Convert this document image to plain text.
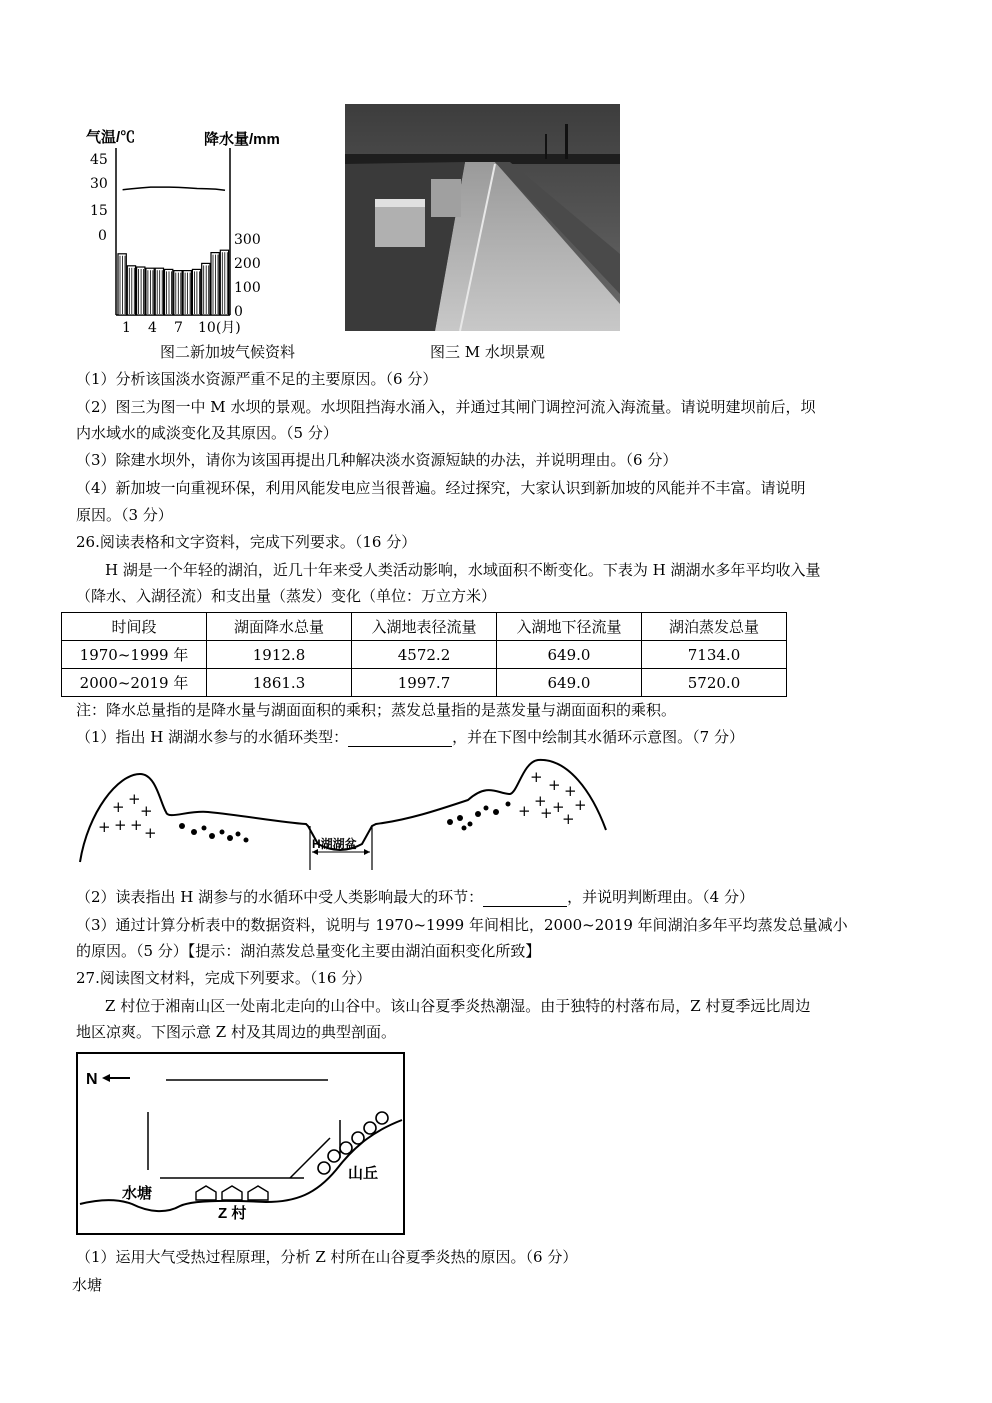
气温/℃	降水量/mm
45
30
15
0	300
200
100
0
1 4 7 10(月)
图二新加坡气候资料	图三 M 水坝景观
（1）分析该国淡水资源严重不足的主要原因。（6 分）
（2）图三为图一中 M 水坝的景观。水坝阻挡海水涌入，并通过其闸门调控河流入海流量。请说明建坝前后，坝
内水域水的咸淡变化及其原因。（5 分）
（3）除建水坝外，请你为该国再提出几种解决淡水资源短缺的办法，并说明理由。（6 分）
（4）新加坡一向重视环保，利用风能发电应当很普遍。经过探究，大家认识到新加坡的风能并不丰富。请说明
原因。（3 分）
26.阅读表格和文字资料，完成下列要求。（16 分）
H 湖是一个年轻的湖泊，近几十年来受人类活动影响，水域面积不断变化。下表为 H 湖湖水多年平均收入量
（降水、入湖径流）和支出量（蒸发）变化（单位：万立方米）
时间段	湖面降水总量	入湖地表径流量	入湖地下径流量	湖泊蒸发总量
1970~1999 年	1912.8	4572.2	649.0	7134.0
2000~2019 年	1861.3	1997.7	649.0	5720.0
注：降水总量指的是降水量与湖面面积的乘积；蒸发总量指的是蒸发量与湖面面积的乘积。
（1）指出 H 湖湖水参与的水循环类型：	，并在下图中绘制其水循环示意图。（7 分）
H湖湖盆
+ +
+
+ + + +
+ + +
+ + +
+ + +
（2）读表指出 H 湖参与的水循环中受人类影响最大的环节：	，并说明判断理由。（4 分）
（3）通过计算分析表中的数据资料，说明与 1970~1999 年间相比，2000~2019 年间湖泊多年平均蒸发总量减小
的原因。（5 分）【提示：湖泊蒸发总量变化主要由湖泊面积变化所致】
27.阅读图文材料，完成下列要求。（16 分）
Z 村位于湘南山区一处南北走向的山谷中。该山谷夏季炎热潮湿。由于独特的村落布局，Z 村夏季远比周边
地区凉爽。下图示意 Z 村及其周边的典型剖面。
N
水塘
Z 村
山丘
（1）运用大气受热过程原理，分析 Z 村所在山谷夏季炎热的原因。（6 分）
水塘
